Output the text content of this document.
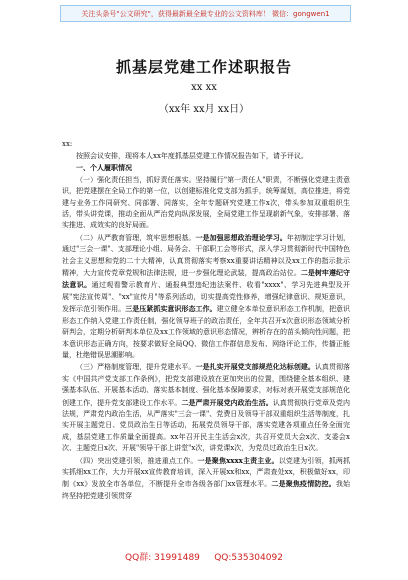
关注头条号"公文研究"，获得最新最全最专业的公文资料库！ 微信：gongwen1
抓基层党建工作述职报告
xx xx
（xx年 xx月 xx日）
xx:

按照会议安排，现将本人xx年度抓基层党建工作情况报告如下，请予评议。

一、个人履职情况

（一）强化责任担当，抓好责任落实。坚持履行"第一责任人"职责，不断强化党建主责意识，把党建摆在全局工作的第一位，以创建标准化党支部为抓手，统筹谋划，高位推进，将党建与业务工作同研究、同部署、同落实，全年专题研究党建工作x次，带头参加双重组织生活，带头讲党课，推动全面从严治党向纵深发展，全局党建工作呈现崭新气象，安排部署、落实推进、成效实的良好局面。

（二）从严教育管理，筑牢思想根基。一是加强思想政治理论学习。年初制定学习计划，通过"三会一课"、支部理论小组、局务会、干部职工会等形式，深入学习贯彻新时代中国特色社会主义思想和党的二十大精神，认真贯彻落实考察xx重要讲话精神以及xx工作的指示批示精神，大力宣传党章党规和法律法规，进一步强化理论武装，提高政治站位。二是树牢遵纪守法意识。通过观看警示教育片、通报典型违纪违法案件、收看"xxxx"、学习先进典型及开展"宪法宣传周"、"xx"宣传月"等系列活动，切实提高党性修养，增强纪律意识、规矩意识，发挥示范引领作用。三是压紧抓实意识形态工作。建立健全本单位意识形态工作机制，把意识形态工作纳入党建工作责任制，强化领导班子的政治责任，全年共召开x次意识形态领域分析研判会，定期分析研判本单位及xx工作领域的意识形态情况，辨析存在的苗头倾向性问题，把本意识形态正确方向，按要求做好全局QQ、微信工作群信息发布、网络评论工作，传播正能量，杜绝错误思潮影响。

（三）严格制度管理，提升党建水平。一是扎实开展党支部规范化达标创建。认真贯彻落实《中国共产党支部工作条例》，把党支部建设放在更加突出的位置，围绕健全基本组织、建强基本队伍、开展基本活动、落实基本制度、强化基本保障要求，对标对表开展党支部规范化创建工作，提升党支部建设工作水平。二是严肃开展党内政治生活。认真贯彻执行党章及党内法规，严肃党内政治生活，从严落实"三会一课"、党费日及领导干部双重组织生活等制度，扎实开展主题党日、党员政治生日等活动，拓展党员领导干部，落实党建各项重点任务全面完成，基层党建工作质量全面提高。xx年召开民主生活会x次，共召开党员大会x次、支委会x次、主题党日x次、开展"领导干部上讲堂"x次，讲党课x次，为党员过政治生日x次。

（四）突出党建引领，推进重点工作。一是聚焦xxxx主责主业。以党建为引领，抓两抓实抓细xx工作，大力开展xx宣传教育培训，深入开展xx和xx，严肃查处xx，积极做好xx，印制《xx》发放全市各单位，不断提升全市各级各部门xx管理水平。二是聚焦疫情防控。我始终坚持把党建引领贯穿

QQ群: 31991489     QQ:535304092
